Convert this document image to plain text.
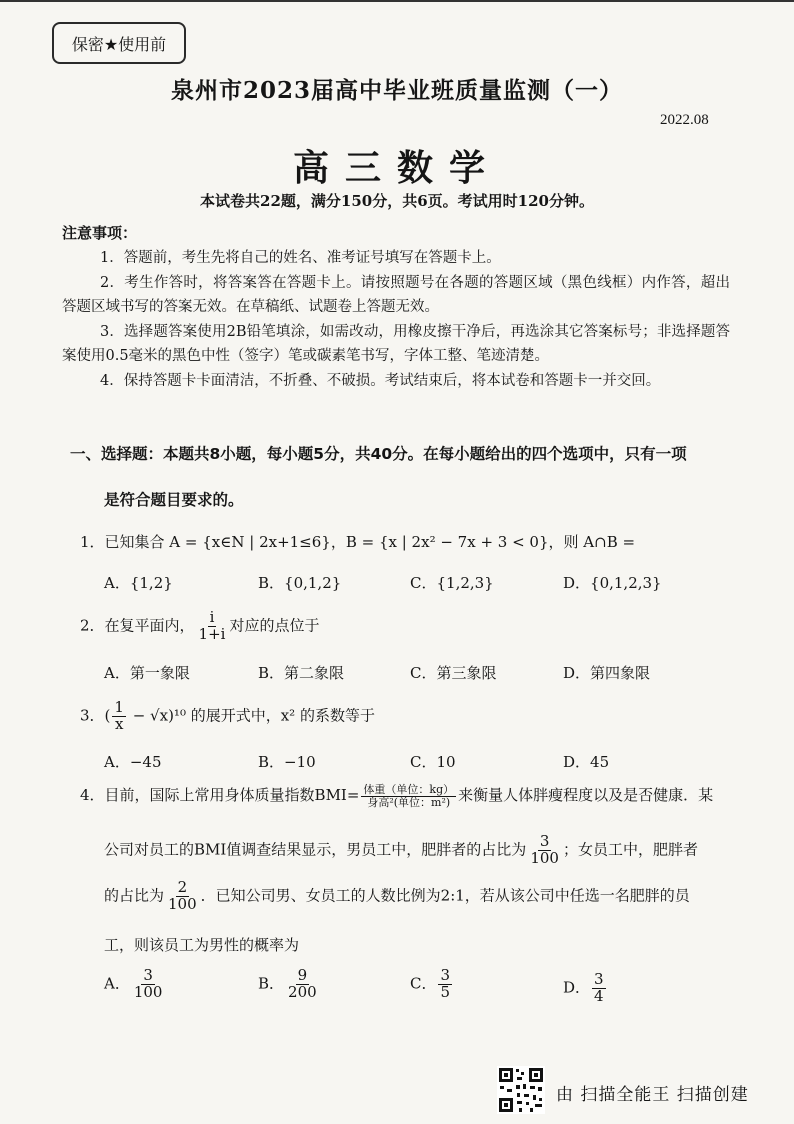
保密★使用前
泉州市2023届高中毕业班质量监测（一）
2022.08
高三数学
本试卷共22题，满分150分，共6页。考试用时120分钟。
注意事项：

1．答题前，考生先将自己的姓名、准考证号填写在答题卡上。

2．考生作答时，将答案答在答题卡上。请按照题号在各题的答题区域（黑色线框）内作答，超出答题区域书写的答案无效。在草稿纸、试题卷上答题无效。

3．选择题答案使用2B铅笔填涂，如需改动，用橡皮擦干净后，再选涂其它答案标号；非选择题答案使用0.5毫米的黑色中性（签字）笔或碳素笔书写，字体工整、笔迹清楚。

4．保持答题卡卡面清洁，不折叠、不破损。考试结束后，将本试卷和答题卡一并交回。

一、选择题：本题共8小题，每小题5分，共40分。在每小题给出的四个选项中，只有一项
是符合题目要求的。
1．已知集合 A = {x∈N | 2x+1≤6}，B = {x | 2x² − 7x + 3 < 0}，则 A∩B =
A．{1,2}	B．{0,1,2}	C．{1,2,3}	D．{0,1,2,3}
2．在复平面内， $\frac{i}{1+i}$ 对应的点位于
A．第一象限	B．第二象限	C．第三象限	D．第四象限
3．( $\frac{1}{x} - √x)^{10}$ 的展开式中，x² 的系数等于
A．−45	B．−10	C．10	D．45
4．目前，国际上常用身体质量指数$BMI= \frac{\text{体重（单位：kg）}}{\text{身高²(单位：m²)}}$ 来衡量人体胖瘦程度以及是否健康．某
公司对员工的BMI值调查结果显示，男员工中，肥胖者的占比为 $\frac{3}{100}$ ；女员工中，肥胖者
的占比为 $\frac{2}{100}$ ．已知公司男、女员工的人数比例为2:1，若从该公司中任选一名肥胖的员
工，则该员工为男性的概率为
A． $\frac{3}{100}$	B． $\frac{9}{200}$	C． $\frac{3}{5}$	D． $\frac{3}{4}$
由 扫描全能王 扫描创建
